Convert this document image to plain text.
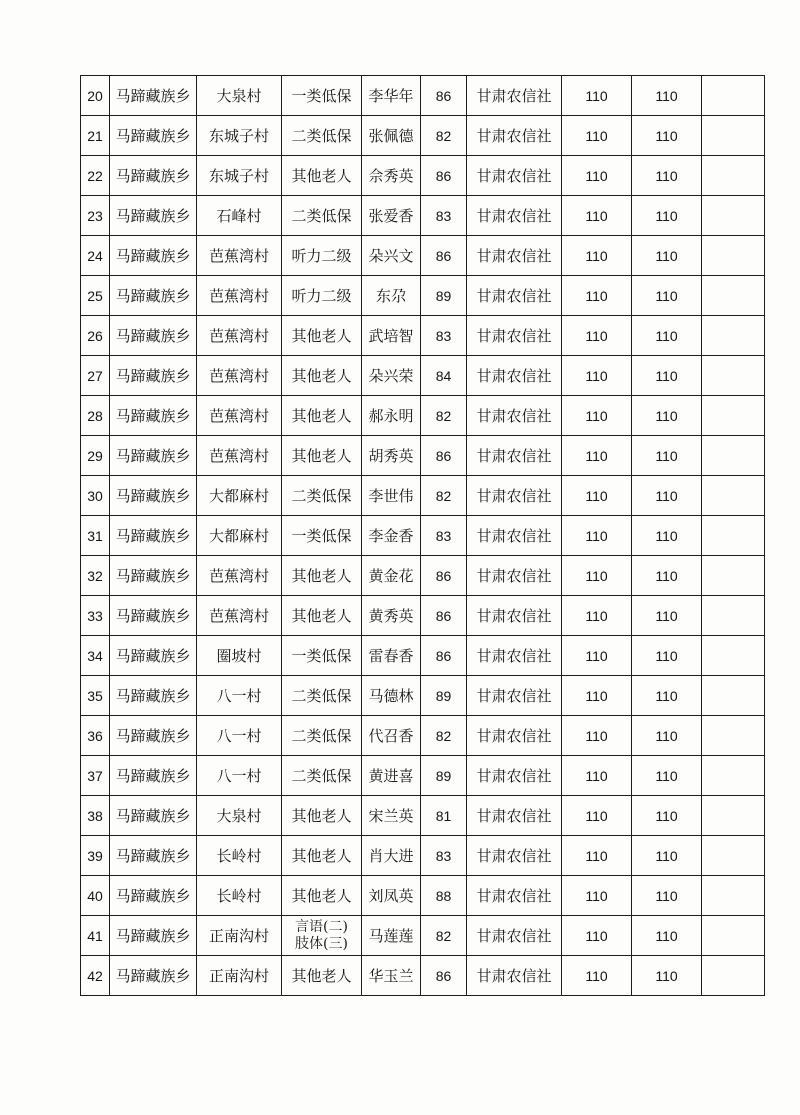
20	马蹄藏族乡	大泉村	一类低保	李华年	86	甘肃农信社	110	110	
21	马蹄藏族乡	东城子村	二类低保	张佩德	82	甘肃农信社	110	110	
22	马蹄藏族乡	东城子村	其他老人	佘秀英	86	甘肃农信社	110	110	
23	马蹄藏族乡	石峰村	二类低保	张爱香	83	甘肃农信社	110	110	
24	马蹄藏族乡	芭蕉湾村	听力二级	朵兴文	86	甘肃农信社	110	110	
25	马蹄藏族乡	芭蕉湾村	听力二级	东尕	89	甘肃农信社	110	110	
26	马蹄藏族乡	芭蕉湾村	其他老人	武培智	83	甘肃农信社	110	110	
27	马蹄藏族乡	芭蕉湾村	其他老人	朵兴荣	84	甘肃农信社	110	110	
28	马蹄藏族乡	芭蕉湾村	其他老人	郝永明	82	甘肃农信社	110	110	
29	马蹄藏族乡	芭蕉湾村	其他老人	胡秀英	86	甘肃农信社	110	110	
30	马蹄藏族乡	大都麻村	二类低保	李世伟	82	甘肃农信社	110	110	
31	马蹄藏族乡	大都麻村	一类低保	李金香	83	甘肃农信社	110	110	
32	马蹄藏族乡	芭蕉湾村	其他老人	黄金花	86	甘肃农信社	110	110	
33	马蹄藏族乡	芭蕉湾村	其他老人	黄秀英	86	甘肃农信社	110	110	
34	马蹄藏族乡	圈坡村	一类低保	雷春香	86	甘肃农信社	110	110	
35	马蹄藏族乡	八一村	二类低保	马德林	89	甘肃农信社	110	110	
36	马蹄藏族乡	八一村	二类低保	代召香	82	甘肃农信社	110	110	
37	马蹄藏族乡	八一村	二类低保	黄进喜	89	甘肃农信社	110	110	
38	马蹄藏族乡	大泉村	其他老人	宋兰英	81	甘肃农信社	110	110	
39	马蹄藏族乡	长岭村	其他老人	肖大进	83	甘肃农信社	110	110	
40	马蹄藏族乡	长岭村	其他老人	刘凤英	88	甘肃农信社	110	110	
41	马蹄藏族乡	正南沟村	言语(二)
肢体(三)	马莲莲	82	甘肃农信社	110	110	
42	马蹄藏族乡	正南沟村	其他老人	华玉兰	86	甘肃农信社	110	110	
